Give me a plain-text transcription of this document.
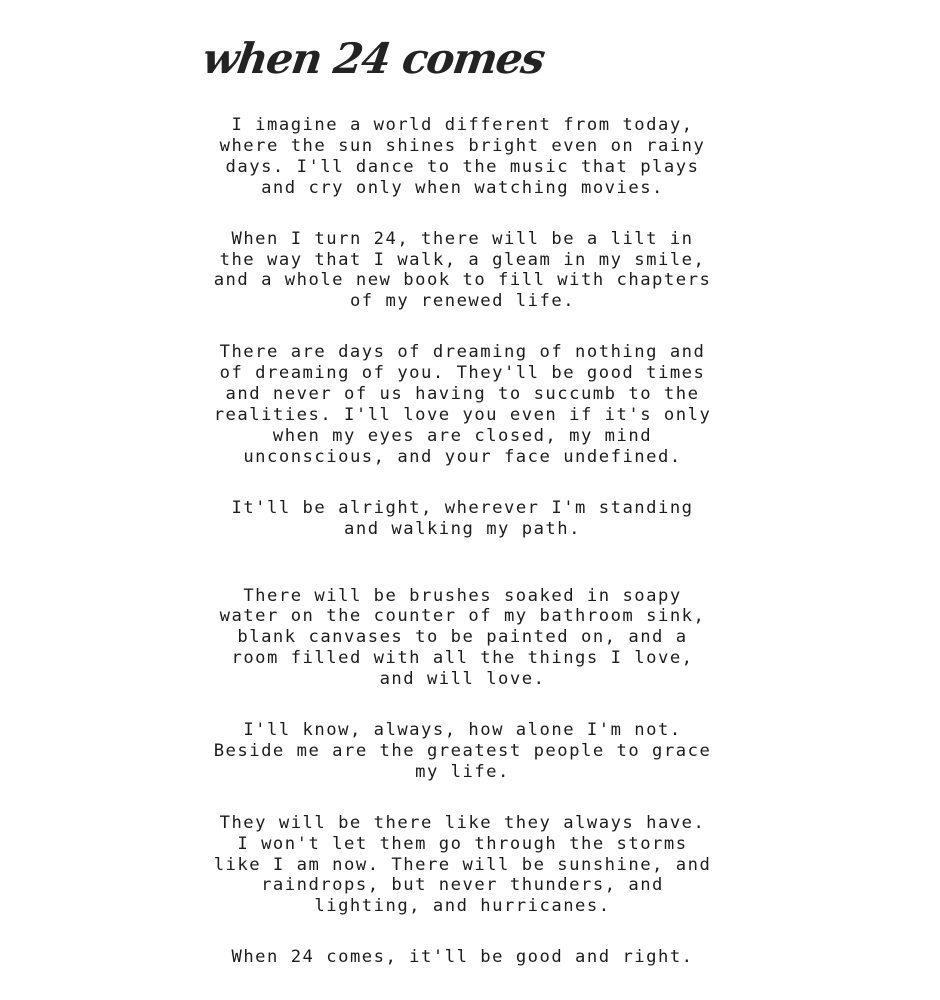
when 24 comes

I imagine a world different from today,
where the sun shines bright even on rainy
days. I'll dance to the music that plays
and cry only when watching movies.

When I turn 24, there will be a lilt in
the way that I walk, a gleam in my smile,
and a whole new book to fill with chapters
of my renewed life.

There are days of dreaming of nothing and
of dreaming of you. They'll be good times
and never of us having to succumb to the
realities. I'll love you even if it's only
when my eyes are closed, my mind
unconscious, and your face undefined.

It'll be alright, wherever I'm standing
and walking my path.

There will be brushes soaked in soapy
water on the counter of my bathroom sink,
blank canvases to be painted on, and a
room filled with all the things I love,
and will love.

I'll know, always, how alone I'm not.
Beside me are the greatest people to grace
my life.

They will be there like they always have.
I won't let them go through the storms
like I am now. There will be sunshine, and
raindrops, but never thunders, and
lighting, and hurricanes.

When 24 comes, it'll be good and right.
